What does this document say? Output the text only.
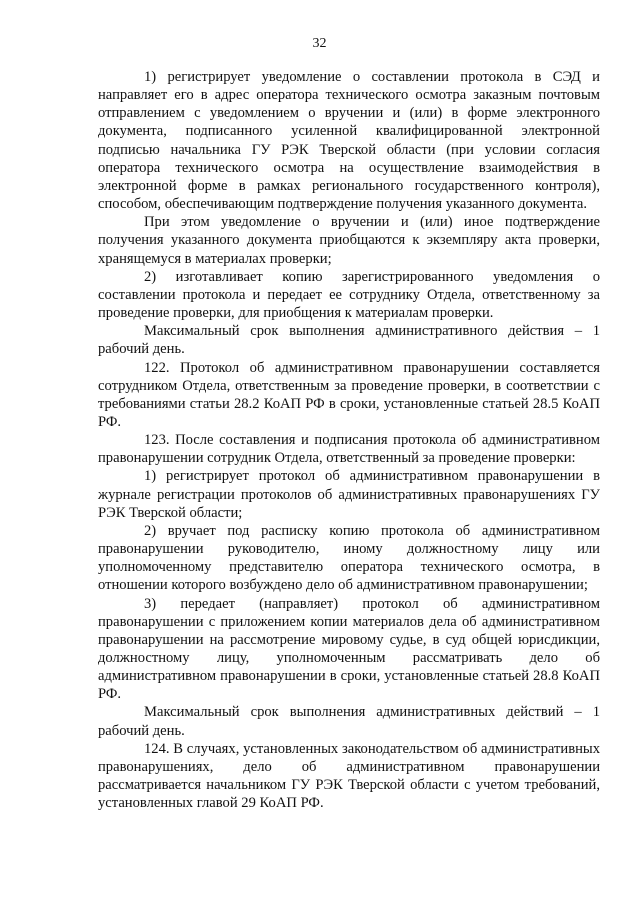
32

1) регистрирует уведомление о составлении протокола в СЭД и направляет его в адрес оператора технического осмотра заказным почтовым отправлением с уведомлением о вручении и (или) в форме электронного документа, подписанного усиленной квалифицированной электронной подписью начальника ГУ РЭК Тверской области (при условии согласия оператора технического осмотра на осуществление взаимодействия в электронной форме в рамках регионального государственного контроля), способом, обеспечивающим подтверждение получения указанного документа.

При этом уведомление о вручении и (или) иное подтверждение получения указанного документа приобщаются к экземпляру акта проверки, хранящемуся в материалах проверки;

2) изготавливает копию зарегистрированного уведомления о составлении протокола и передает ее сотруднику Отдела, ответственному за проведение проверки, для приобщения к материалам проверки.

Максимальный срок выполнения административного действия – 1 рабочий день.

122. Протокол об административном правонарушении составляется сотрудником Отдела, ответственным за проведение проверки, в соответствии с требованиями статьи 28.2 КоАП РФ в сроки, установленные статьей 28.5 КоАП РФ.

123. После составления и подписания протокола об административном правонарушении сотрудник Отдела, ответственный за проведение проверки:

1) регистрирует протокол об административном правонарушении в журнале регистрации протоколов об административных правонарушениях ГУ РЭК Тверской области;

2) вручает под расписку копию протокола об административном правонарушении руководителю, иному должностному лицу или уполномоченному представителю оператора технического осмотра, в отношении которого возбуждено дело об административном правонарушении;

3) передает (направляет) протокол об административном правонарушении с приложением копии материалов дела об административном правонарушении на рассмотрение мировому судье, в суд общей юрисдикции, должностному лицу, уполномоченным рассматривать дело об административном правонарушении в сроки, установленные статьей 28.8 КоАП РФ.

Максимальный срок выполнения административных действий – 1 рабочий день.

124. В случаях, установленных законодательством об административных правонарушениях, дело об административном правонарушении рассматривается начальником ГУ РЭК Тверской области с учетом требований, установленных главой 29 КоАП РФ.
